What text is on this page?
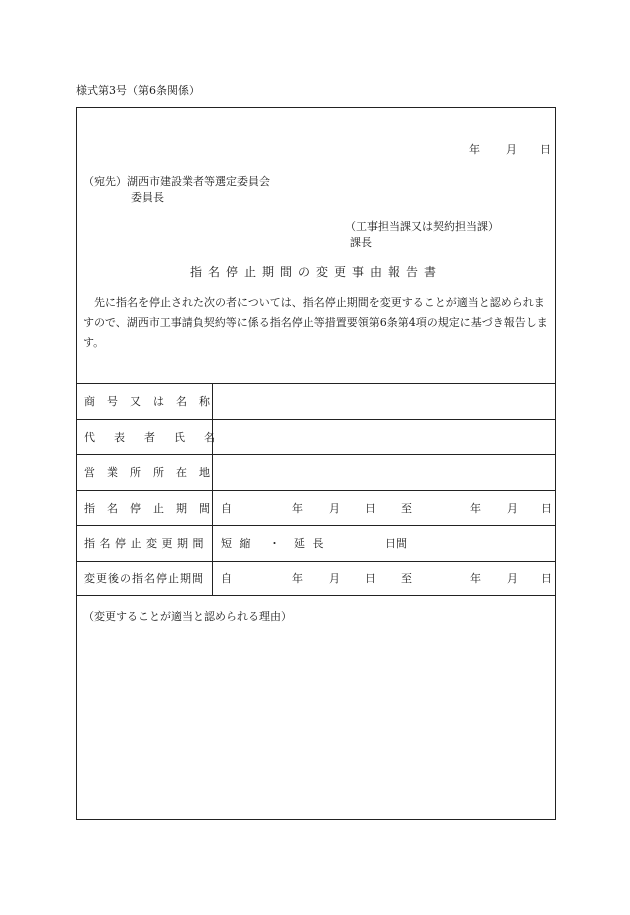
様式第3号（第6条関係）
年 月 日
（宛先）湖西市建設業者等選定委員会
委員長
（工事担当課又は契約担当課）
課長
指名停止期間の変更事由報告書
先に指名を停止された次の者については、指名停止期間を変更することが適当と認められますので、湖西市工事請負契約等に係る指名停止等措置要領第6条第4項の規定に基づき報告します。
商号又は名称
代表者氏名
営業所所在地
指名停止期間 自	年 月 日 至	年 月 日
指名停止変更期間 短縮 ・ 延長	日間
変更後の指名停止期間 自	年 月 日 至	年 月 日
（変更することが適当と認められる理由）
